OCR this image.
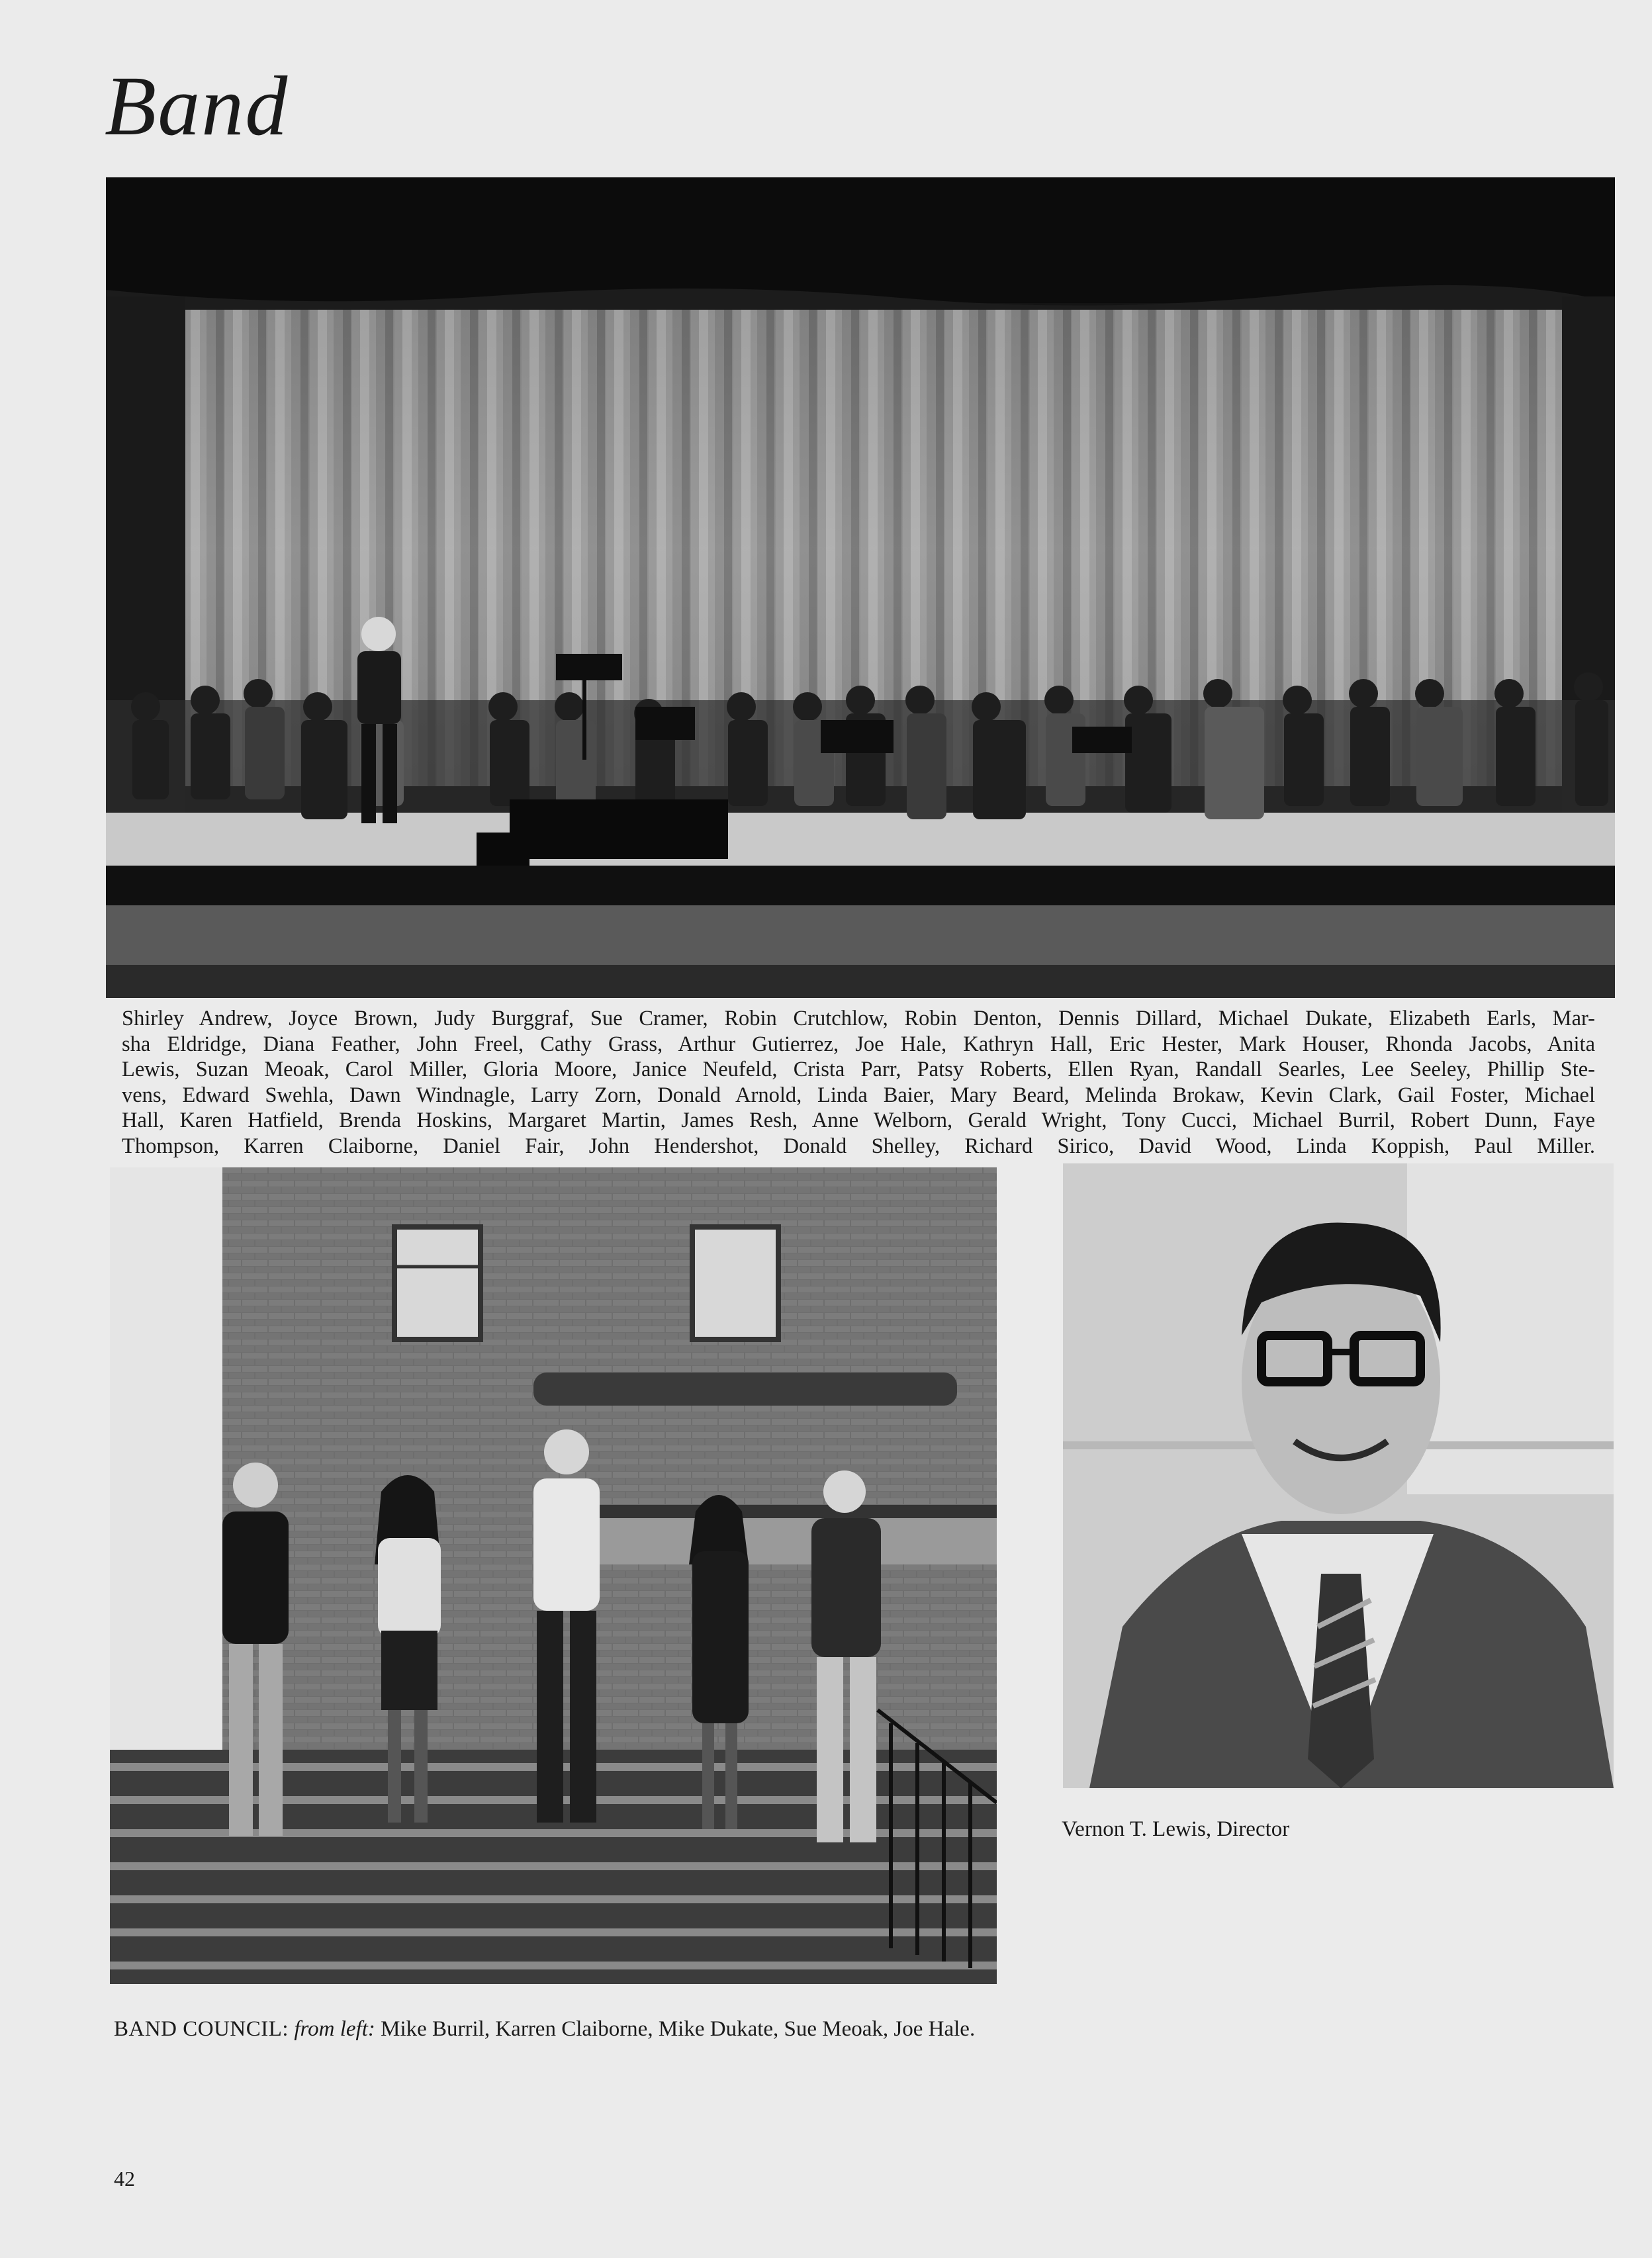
Band

Shirley Andrew, Joyce Brown, Judy Burggraf, Sue Cramer, Robin Crutchlow, Robin Denton, Dennis Dillard, Michael Dukate, Elizabeth Earls, Mar-
sha Eldridge, Diana Feather, John Freel, Cathy Grass, Arthur Gutierrez, Joe Hale, Kathryn Hall, Eric Hester, Mark Houser, Rhonda Jacobs, Anita
Lewis, Suzan Meoak, Carol Miller, Gloria Moore, Janice Neufeld, Crista Parr, Patsy Roberts, Ellen Ryan, Randall Searles, Lee Seeley, Phillip Ste-
vens, Edward Swehla, Dawn Windnagle, Larry Zorn, Donald Arnold, Linda Baier, Mary Beard, Melinda Brokaw, Kevin Clark, Gail Foster, Michael
Hall, Karen Hatfield, Brenda Hoskins, Margaret Martin, James Resh, Anne Welborn, Gerald Wright, Tony Cucci, Michael Burril, Robert Dunn, Faye
Thompson, Karren Claiborne, Daniel Fair, John Hendershot, Donald Shelley, Richard Sirico, David Wood, Linda Koppish, Paul Miller.

Vernon T. Lewis, Director

BAND COUNCIL: from left: Mike Burril, Karren Claiborne, Mike Dukate, Sue Meoak, Joe Hale.

42
